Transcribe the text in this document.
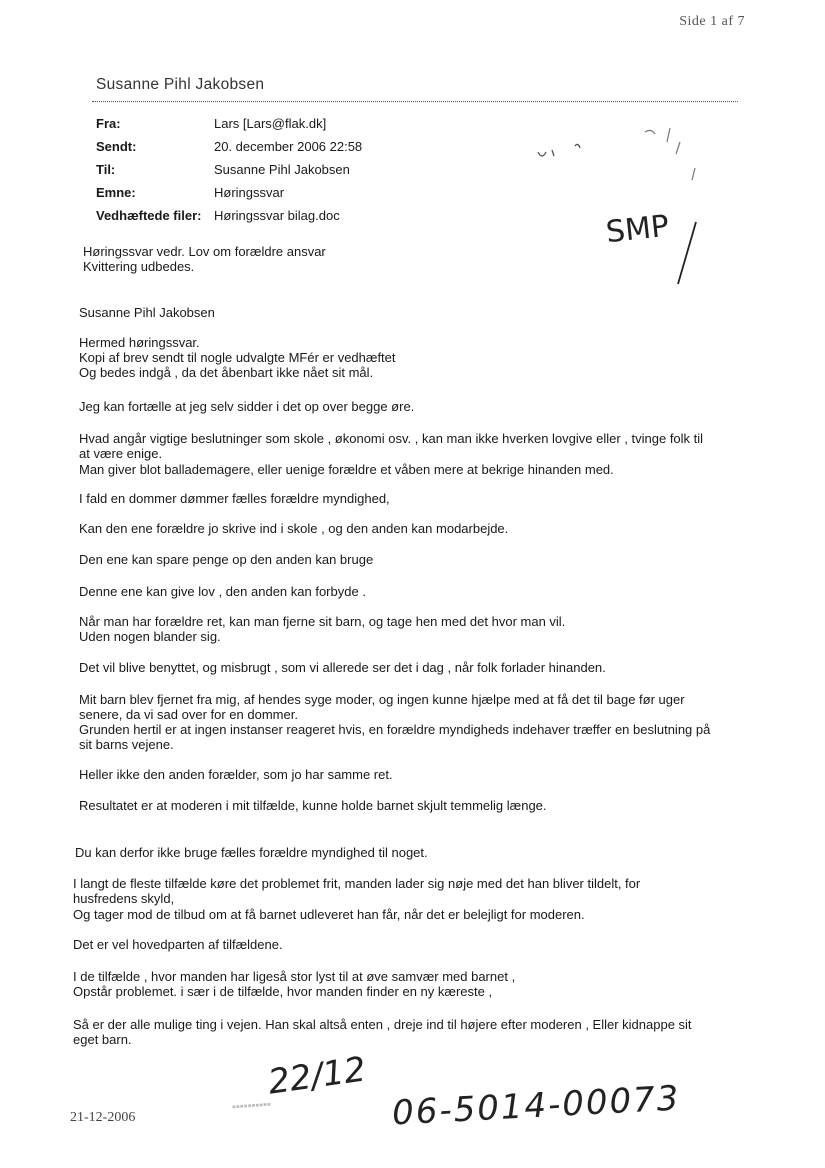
Side 1 af 7
Susanne Pihl Jakobsen
Fra:	Lars [Lars@flak.dk]
Sendt:	20. december 2006 22:58
Til:	Susanne Pihl Jakobsen
Emne:	Høringssvar
Vedhæftede filer: Høringssvar bilag.doc	SMP
Høringssvar vedr. Lov om forældre ansvar
Kvittering udbedes.
Susanne Pihl Jakobsen
Hermed høringssvar.
Kopi af brev sendt til nogle udvalgte MFér er vedhæftet
Og bedes indgå , da det åbenbart ikke nået sit mål.
Jeg kan fortælle at jeg selv sidder i det op over begge øre.
Hvad angår vigtige beslutninger som skole , økonomi osv. , kan man ikke hverken lovgive eller , tvinge folk til
at være enige.
Man giver blot ballademagere, eller uenige forældre et våben mere at bekrige hinanden med.
I fald en dommer dømmer fælles forældre myndighed,
Kan den ene forældre jo skrive ind i skole , og den anden kan modarbejde.
Den ene kan spare penge op den anden kan bruge
Denne ene kan give lov , den anden kan forbyde .
Når man har forældre ret, kan man fjerne sit barn, og tage hen med det hvor man vil.
Uden nogen blander sig.
Det vil blive benyttet, og misbrugt , som vi allerede ser det i dag , når folk forlader hinanden.
Mit barn blev fjernet fra mig, af hendes syge moder, og ingen kunne hjælpe med at få det til bage før uger
senere, da vi sad over for en dommer.
Grunden hertil er at ingen instanser reageret hvis, en forældre myndigheds indehaver træffer en beslutning på
sit barns vejene.
Heller ikke den anden forælder, som jo har samme ret.
Resultatet er at moderen i mit tilfælde, kunne holde barnet skjult temmelig længe.
Du kan derfor ikke bruge fælles forældre myndighed til noget.
I langt de fleste tilfælde køre det problemet frit, manden lader sig nøje med det han bliver tildelt, for
husfredens skyld,
Og tager mod de tilbud om at få barnet udleveret han får, når det er belejligt for moderen.
Det er vel hovedparten af tilfældene.
I de tilfælde , hvor manden har ligeså stor lyst til at øve samvær med barnet ,
Opstår problemet. i sær i de tilfælde, hvor manden finder en ny kæreste ,
Så er der alle mulige ting i vejen. Han skal altså enten , dreje ind til højere efter moderen , Eller kidnappe sit
eget barn.
22/12
▪▪▪▪▪▪▪▪▪▪	06-5014-00073
21-12-2006
